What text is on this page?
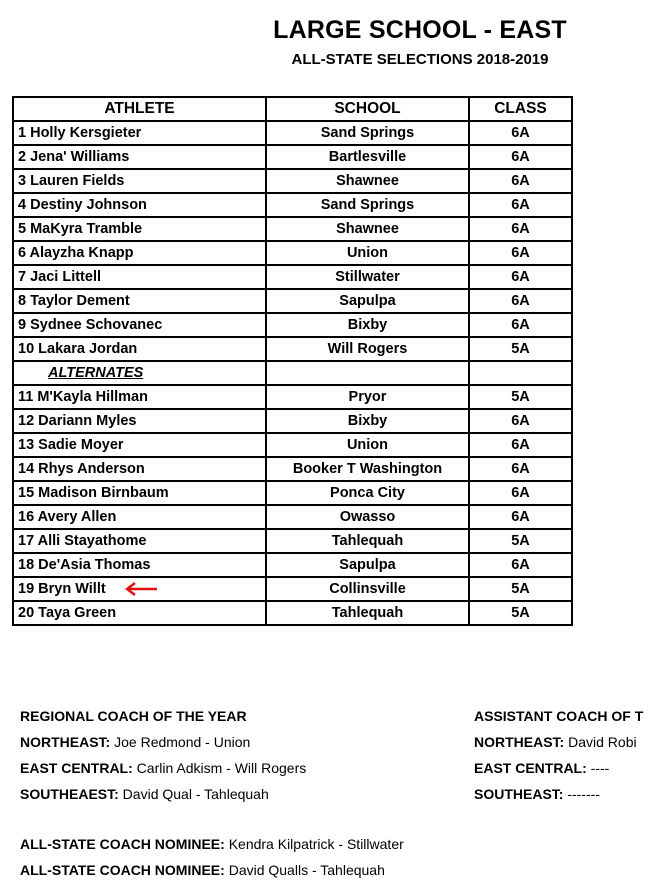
LARGE SCHOOL - EAST
ALL-STATE SELECTIONS 2018-2019
ATHLETE	SCHOOL	CLASS
1 Holly Kersgieter	Sand Springs	6A
2 Jena' Williams	Bartlesville	6A
3 Lauren Fields	Shawnee	6A
4 Destiny Johnson	Sand Springs	6A
5 MaKyra Tramble	Shawnee	6A
6 Alayzha Knapp	Union	6A
7 Jaci Littell	Stillwater	6A
8 Taylor Dement	Sapulpa	6A
9 Sydnee Schovanec	Bixby	6A
10 Lakara Jordan	Will Rogers	5A
ALTERNATES		
11 M'Kayla Hillman	Pryor	5A
12 Dariann Myles	Bixby	6A
13 Sadie Moyer	Union	6A
14 Rhys Anderson	Booker T Washington	6A
15 Madison Birnbaum	Ponca City	6A
16 Avery Allen	Owasso	6A
17 Alli Stayathome	Tahlequah	5A
18 De'Asia Thomas	Sapulpa	6A
19 Bryn Willt	Collinsville	5A
20 Taya Green	Tahlequah	5A
REGIONAL COACH OF THE YEAR
NORTHEAST: Joe Redmond - Union
EAST CENTRAL: Carlin Adkism - Will Rogers
SOUTHEAEST: David Qual - Tahlequah
ASSISTANT COACH OF T
NORTHEAST: David Robi
EAST CENTRAL: ----
SOUTHEAST: -------
ALL-STATE COACH NOMINEE: Kendra Kilpatrick - Stillwater
ALL-STATE COACH NOMINEE: David Qualls - Tahlequah
